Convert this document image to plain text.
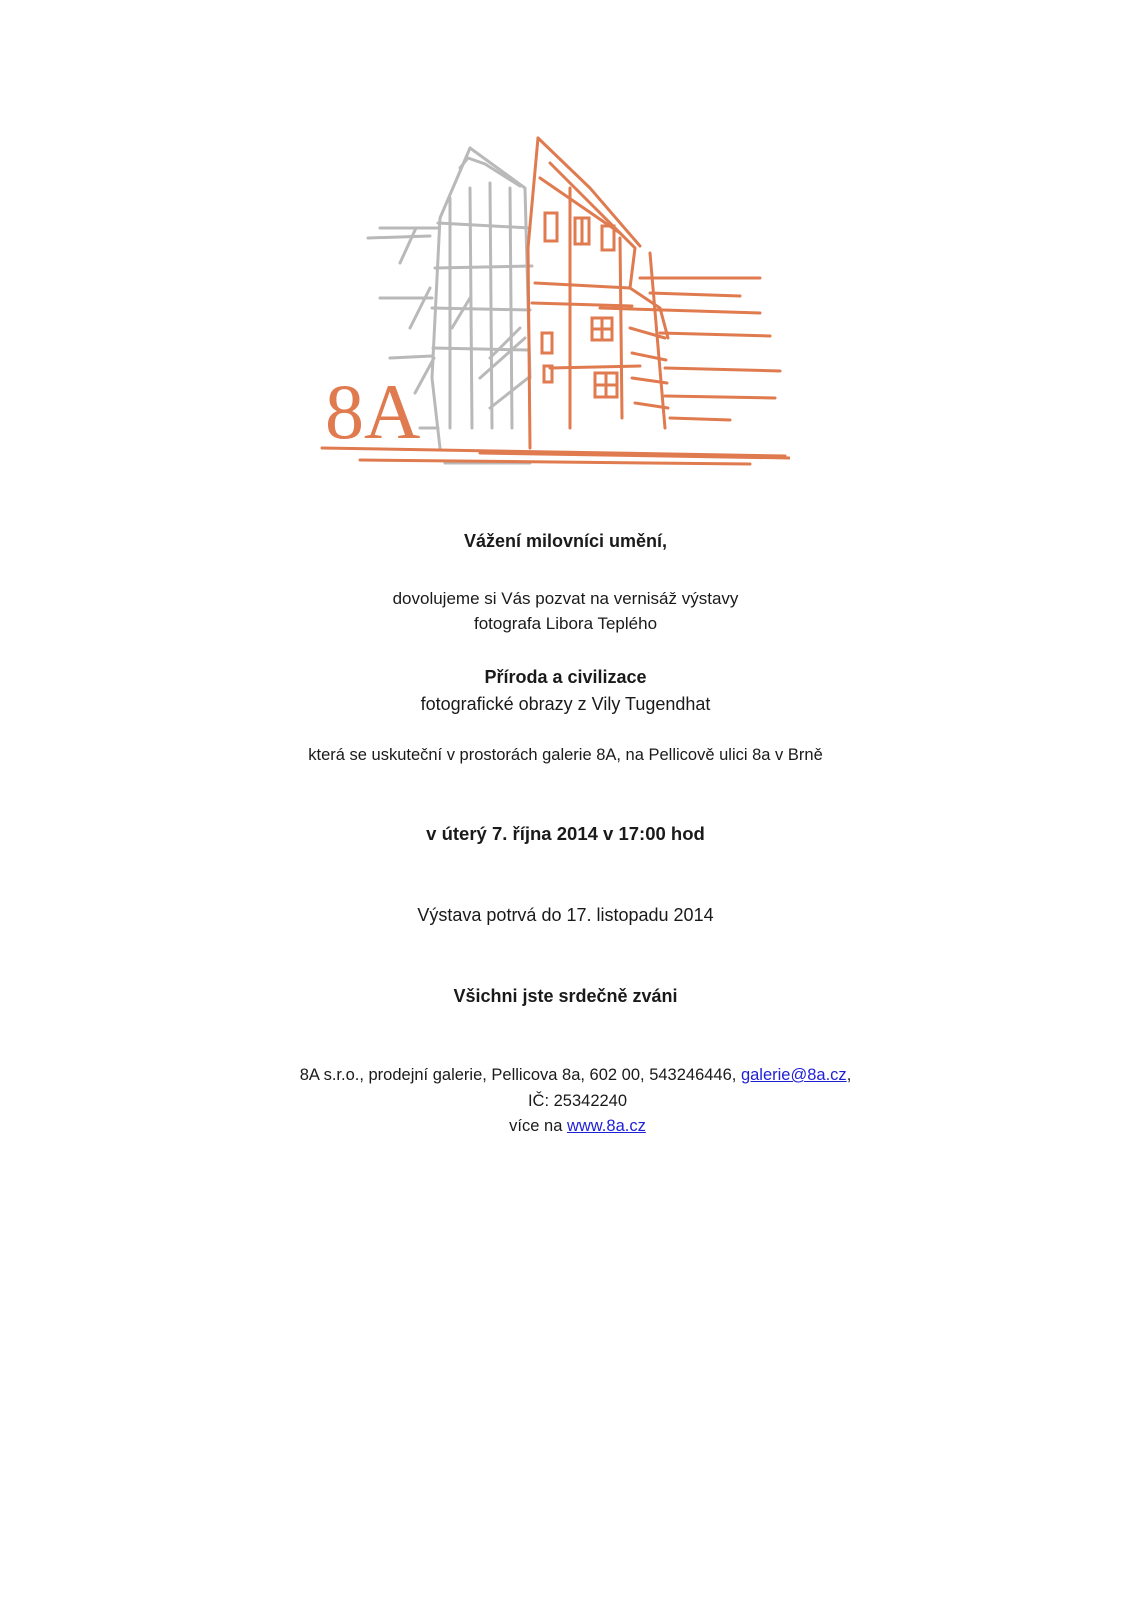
8A
Vážení milovníci umění,
dovolujeme si Vás pozvat na vernisáž výstavy
fotografa Libora Teplého
Příroda a civilizace
fotografické obrazy z Vily Tugendhat
která se uskuteční v prostorách galerie 8A, na Pellicově ulici 8a v Brně
v úterý 7. října 2014 v 17:00 hod
Výstava potrvá do 17. listopadu 2014
Všichni jste srdečně zváni
8A s.r.o., prodejní galerie, Pellicova 8a, 602 00, 543246446, galerie@8a.cz,
IČ: 25342240
více na www.8a.cz
